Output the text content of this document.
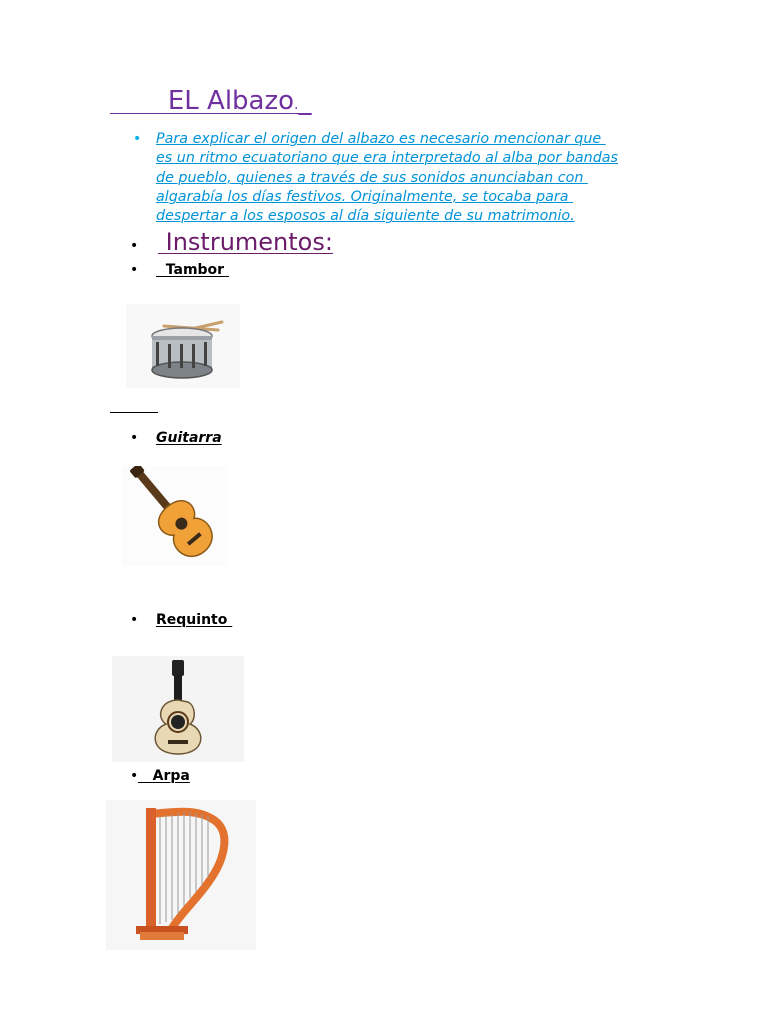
EL Albazo._
• Para explicar el origen del albazo es necesario mencionar que
es un ritmo ecuatoriano que era interpretado al alba por bandas
de pueblo, quienes a través de sus sonidos anunciaban con
algarabía los días festivos. Originalmente, se tocaba para
despertar a los esposos al día siguiente de su matrimonio.
• Instrumentos:
• Tambor
• Guitarra
• Requinto
• Arpa
